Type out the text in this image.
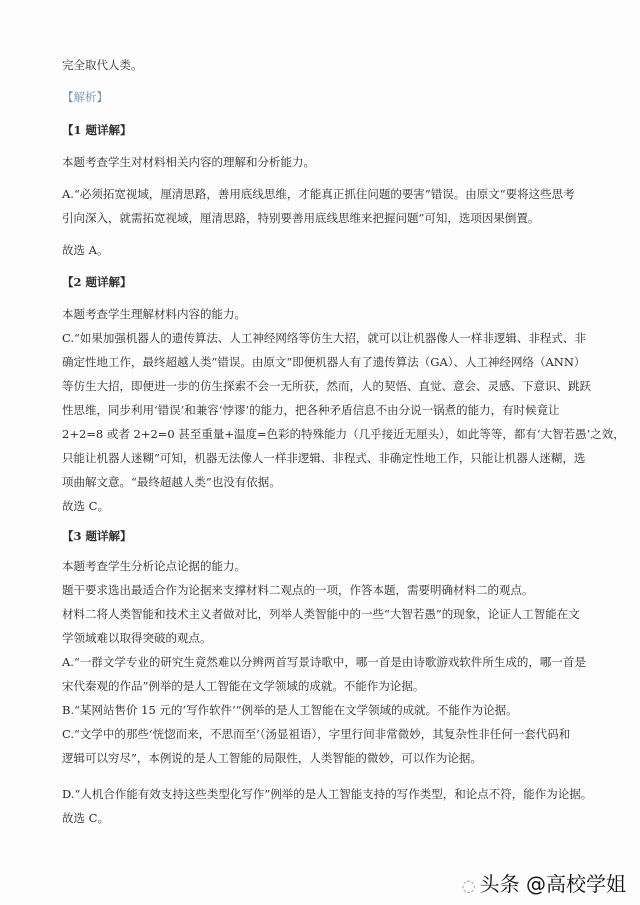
完全取代人类。
【解析】
【1 题详解】
本题考查学生对材料相关内容的理解和分析能力。
A.“必须拓宽视域，厘清思路，善用底线思维，才能真正抓住问题的要害”错误。由原文“要将这些思考
引向深入，就需拓宽视域，厘清思路，特别要善用底线思维来把握问题”可知，选项因果倒置。
故选 A。
【2 题详解】
本题考查学生理解材料内容的能力。
C.“如果加强机器人的遗传算法、人工神经网络等仿生大招，就可以让机器像人一样非逻辑、非程式、非
确定性地工作，最终超越人类”错误。由原文“即便机器人有了遗传算法（GA）、人工神经网络（ANN）
等仿生大招，即便进一步的仿生探索不会一无所获，然而，人的契悟、直觉、意会、灵感、下意识、跳跃
性思维，同步利用‘错误’和兼容‘悖谬’的能力，把各种矛盾信息不由分说一锅煮的能力，有时候竟让
2+2=8 或者 2+2=0 甚至重量+温度=色彩的特殊能力（几乎接近无厘头），如此等等，都有‘大智若愚’之效，
只能让机器人迷糊”可知，机器无法像人一样非逻辑、非程式、非确定性地工作，只能让机器人迷糊，选
项曲解文意。“最终超越人类”也没有依据。
故选 C。
【3 题详解】
本题考查学生分析论点论据的能力。
题干要求选出最适合作为论据来支撑材料二观点的一项，作答本题，需要明确材料二的观点。
材料二将人类智能和技术主义者做对比，列举人类智能中的一些“大智若愚”的现象，论证人工智能在文
学领域难以取得突破的观点。
A.“一群文学专业的研究生竟然难以分辨两首写景诗歌中，哪一首是由诗歌游戏软件所生成的，哪一首是
宋代秦观的作品”例举的是人工智能在文学领域的成就。不能作为论据。
B.“某网站售价 15 元的‘写作软件’”例举的是人工智能在文学领域的成就。不能作为论据。
C.“文学中的那些‘恍惚而来，不思而至’（汤显祖语），字里行间非常微妙，其复杂性非任何一套代码和
逻辑可以穷尽”，本例说的是人工智能的局限性，人类智能的微妙，可以作为论据。
D.“人机合作能有效支持这些类型化写作”例举的是人工智能支持的写作类型，和论点不符，能作为论据。
故选 C。
◌ 头条 @高校学姐
